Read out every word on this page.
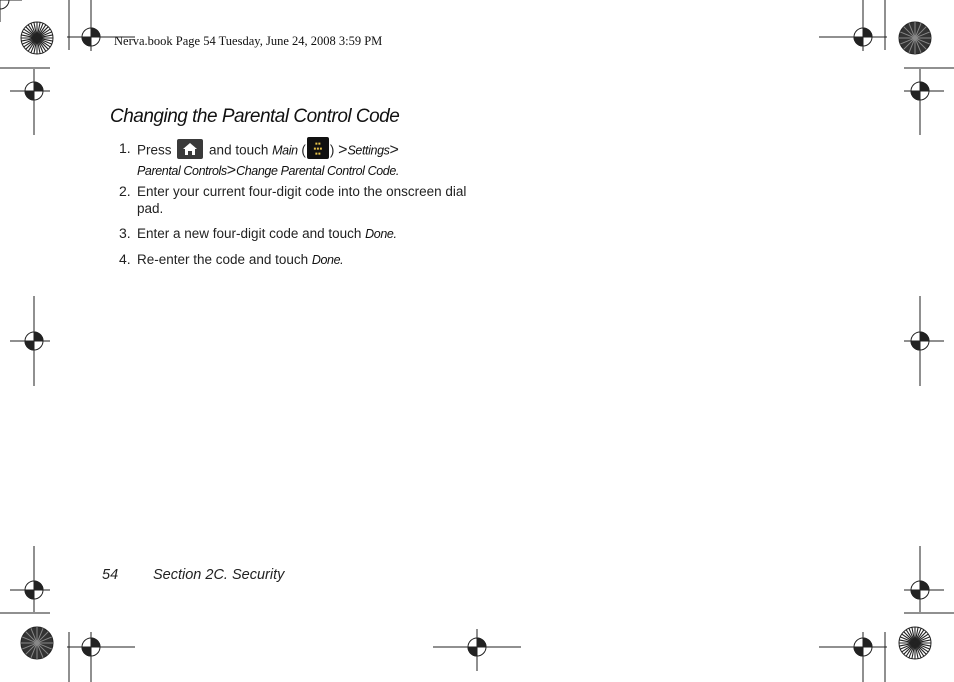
Nerva.book Page 54 Tuesday, June 24, 2008 3:59 PM
Changing the Parental Control Code
1. Press	and touch Main (	▪▪
▪▪▪
▪▪ ) >Settings>
Parental Controls>Change Parental Control Code.
2. Enter your current four-digit code into the onscreen dial pad.
3. Enter a new four-digit code and touch Done.
4. Re-enter the code and touch Done.
54 Section 2C. Security
